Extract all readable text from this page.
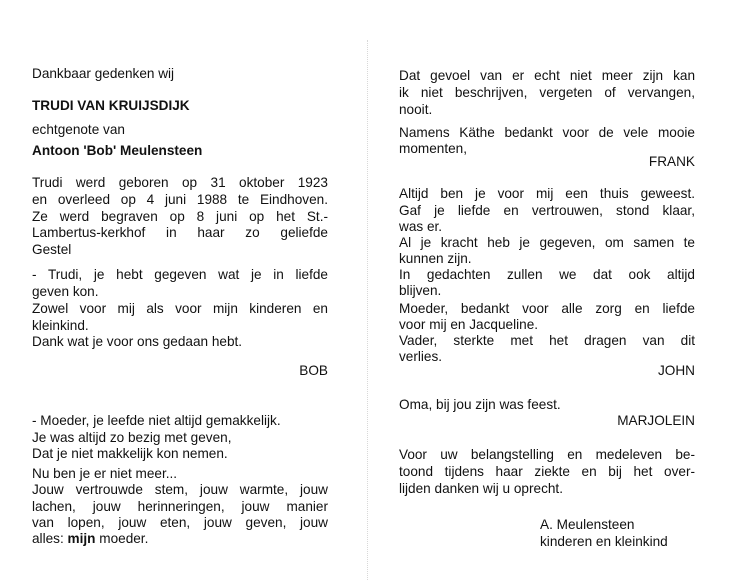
Dankbaar gedenken wij
TRUDI VAN KRUIJSDIJK
echtgenote van
Antoon 'Bob' Meulensteen
Trudi werd geboren op 31 oktober 1923
en overleed op 4 juni 1988 te Eindhoven.
Ze werd begraven op 8 juni op het St.-
Lambertus-kerkhof in haar zo geliefde
Gestel
- Trudi, je hebt gegeven wat je in liefde
geven kon.
Zowel voor mij als voor mijn kinderen en
kleinkind.
Dank wat je voor ons gedaan hebt.
BOB
- Moeder, je leefde niet altijd gemakkelijk.
Je was altijd zo bezig met geven,
Dat je niet makkelijk kon nemen.
Nu ben je er niet meer...
Jouw vertrouwde stem, jouw warmte, jouw
lachen, jouw herinneringen, jouw manier
van lopen, jouw eten, jouw geven, jouw
alles: mijn moeder.
Dat gevoel van er echt niet meer zijn kan
ik niet beschrijven, vergeten of vervangen,
nooit.
Namens Käthe bedankt voor de vele mooie
momenten,
FRANK
Altijd ben je voor mij een thuis geweest.
Gaf je liefde en vertrouwen, stond klaar,
was er.
Al je kracht heb je gegeven, om samen te
kunnen zijn.
In gedachten zullen we dat ook altijd
blijven.
Moeder, bedankt voor alle zorg en liefde
voor mij en Jacqueline.
Vader, sterkte met het dragen van dit
verlies.
JOHN
Oma, bij jou zijn was feest.
MARJOLEIN
Voor uw belangstelling en medeleven be-
toond tijdens haar ziekte en bij het over-
lijden danken wij u oprecht.
A. Meulensteen
kinderen en kleinkind
